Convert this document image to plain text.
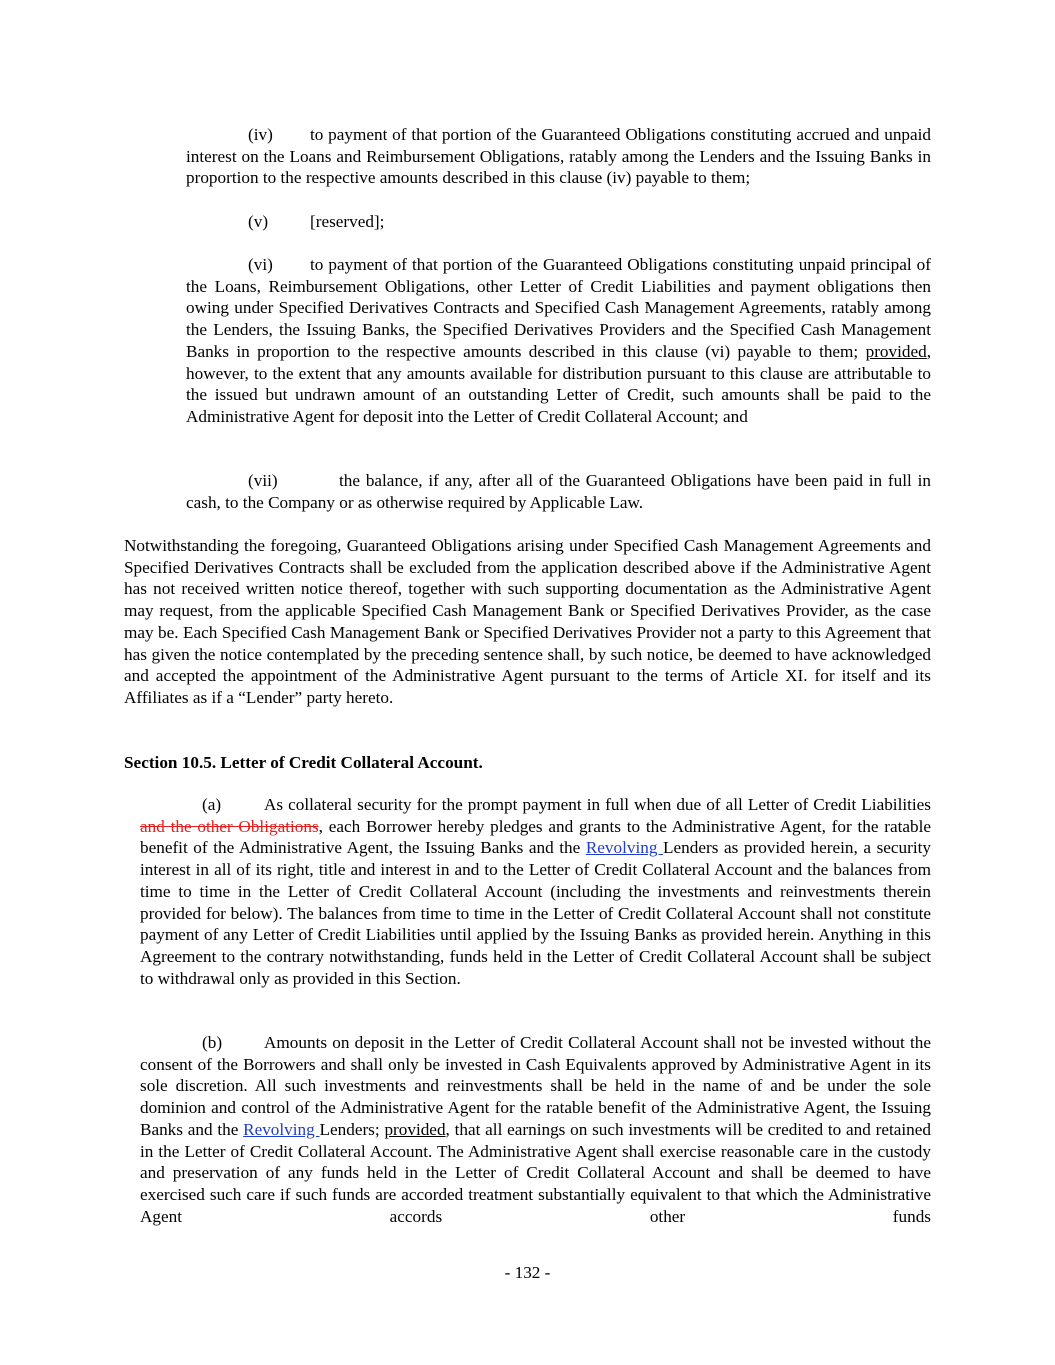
(iv) to payment of that portion of the Guaranteed Obligations constituting accrued and unpaid interest on the Loans and Reimbursement Obligations, ratably among the Lenders and the Issuing Banks in proportion to the respective amounts described in this clause (iv) payable to them;

(v) [reserved];

(vi) to payment of that portion of the Guaranteed Obligations constituting unpaid principal of the Loans, Reimbursement Obligations, other Letter of Credit Liabilities and payment obligations then owing under Specified Derivatives Contracts and Specified Cash Management Agreements, ratably among the Lenders, the Issuing Banks, the Specified Derivatives Providers and the Specified Cash Management Banks in proportion to the respective amounts described in this clause (vi) payable to them; provided, however, to the extent that any amounts available for distribution pursuant to this clause are attributable to the issued but undrawn amount of an outstanding Letter of Credit, such amounts shall be paid to the Administrative Agent for deposit into the Letter of Credit Collateral Account; and

(vii)	the balance, if any, after all of the Guaranteed Obligations have been paid in full in cash, to the Company or as otherwise required by Applicable Law.

Notwithstanding the foregoing, Guaranteed Obligations arising under Specified Cash Management Agreements and Specified Derivatives Contracts shall be excluded from the application described above if the Administrative Agent has not received written notice thereof, together with such supporting documentation as the Administrative Agent may request, from the applicable Specified Cash Management Bank or Specified Derivatives Provider, as the case may be. Each Specified Cash Management Bank or Specified Derivatives Provider not a party to this Agreement that has given the notice contemplated by the preceding sentence shall, by such notice, be deemed to have acknowledged and accepted the appointment of the Administrative Agent pursuant to the terms of Article XI. for itself and its Affiliates as if a “Lender” party hereto.

Section 10.5. Letter of Credit Collateral Account.

(a) As collateral security for the prompt payment in full when due of all Letter of Credit Liabilities and the other Obligations, each Borrower hereby pledges and grants to the Administrative Agent, for the ratable benefit of the Administrative Agent, the Issuing Banks and the Revolving Lenders as provided herein, a security interest in all of its right, title and interest in and to the Letter of Credit Collateral Account and the balances from time to time in the Letter of Credit Collateral Account (including the investments and reinvestments therein provided for below). The balances from time to time in the Letter of Credit Collateral Account shall not constitute payment of any Letter of Credit Liabilities until applied by the Issuing Banks as provided herein. Anything in this Agreement to the contrary notwithstanding, funds held in the Letter of Credit Collateral Account shall be subject to withdrawal only as provided in this Section.

(b) Amounts on deposit in the Letter of Credit Collateral Account shall not be invested without the consent of the Borrowers and shall only be invested in Cash Equivalents approved by Administrative Agent in its sole discretion. All such investments and reinvestments shall be held in the name of and be under the sole dominion and control of the Administrative Agent for the ratable benefit of the Administrative Agent, the Issuing Banks and the Revolving Lenders; provided, that all earnings on such investments will be credited to and retained in the Letter of Credit Collateral Account. The Administrative Agent shall exercise reasonable care in the custody and preservation of any funds held in the Letter of Credit Collateral Account and shall be deemed to have exercised such care if such funds are accorded treatment substantially equivalent to that which the Administrative Agent accords other funds

- 132 -
